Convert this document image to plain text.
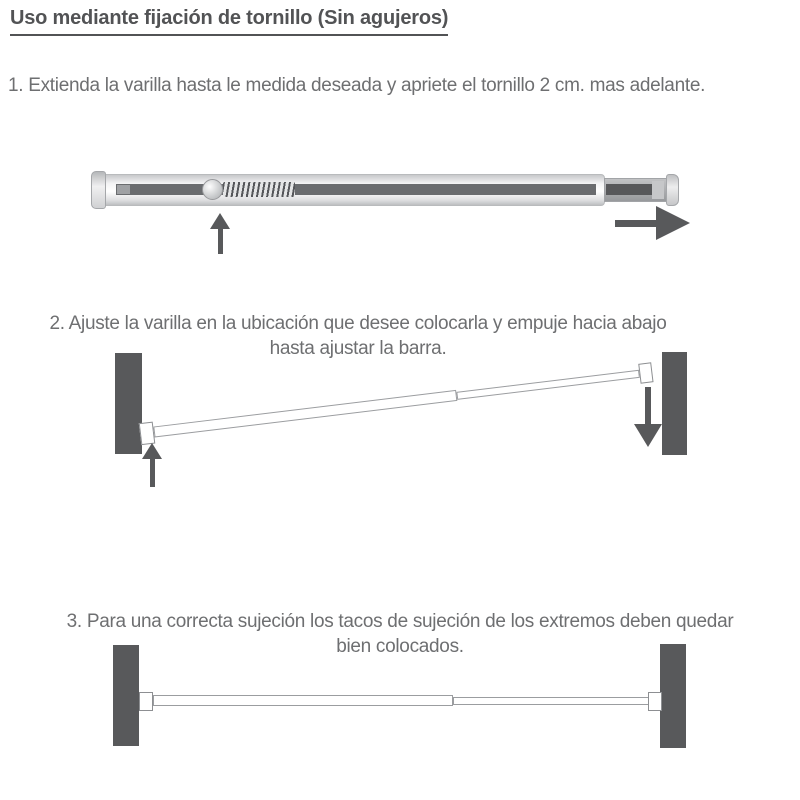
Uso mediante fijación de tornillo (Sin agujeros)
1. Extienda la varilla hasta le medida deseada y apriete el tornillo 2 cm. mas adelante.
2. Ajuste la varilla en la ubicación que desee colocarla y empuje hacia abajo
hasta ajustar la barra.
3. Para una correcta sujeción los tacos de sujeción de los extremos deben quedar
bien colocados.
